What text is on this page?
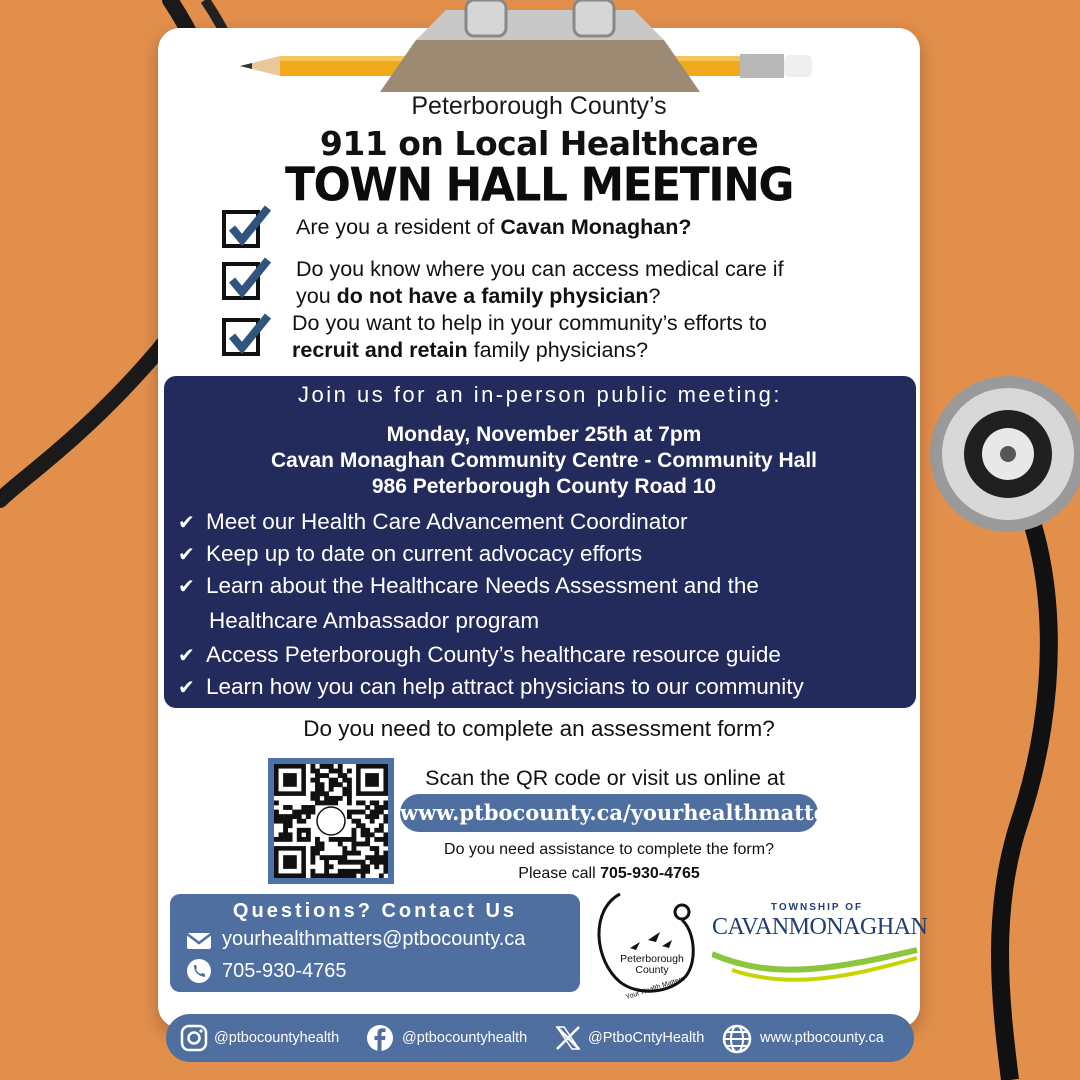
Peterborough County’s
911 on Local Healthcare
TOWN HALL MEETING
Are you a resident of Cavan Monaghan?
Do you know where you can access medical care if
you do not have a family physician?
Do you want to help in your community’s efforts to
recruit and retain family physicians?
Join us for an in-person public meeting:
Monday, November 25th at 7pm
Cavan Monaghan Community Centre - Community Hall
986 Peterborough County Road 10
✔ Meet our Health Care Advancement Coordinator
✔ Keep up to date on current advocacy efforts
✔ Learn about the Healthcare Needs Assessment and the
Healthcare Ambassador program
✔ Access Peterborough County’s healthcare resource guide
✔ Learn how you can help attract physicians to our community
Do you need to complete an assessment form?
Scan the QR code or visit us online at
www.ptbocounty.ca/yourhealthmatters
Do you need assistance to complete the form?
Please call 705-930-4765
Questions? Contact Us
yourhealthmatters@ptbocounty.ca
705-930-4765
Peterborough
County
Your Health Matters
TOWNSHIP OF
CAVANMONAGHAN
@ptbocountyhealth	@ptbocountyhealth	@PtboCntyHealth	www.ptbocounty.ca
